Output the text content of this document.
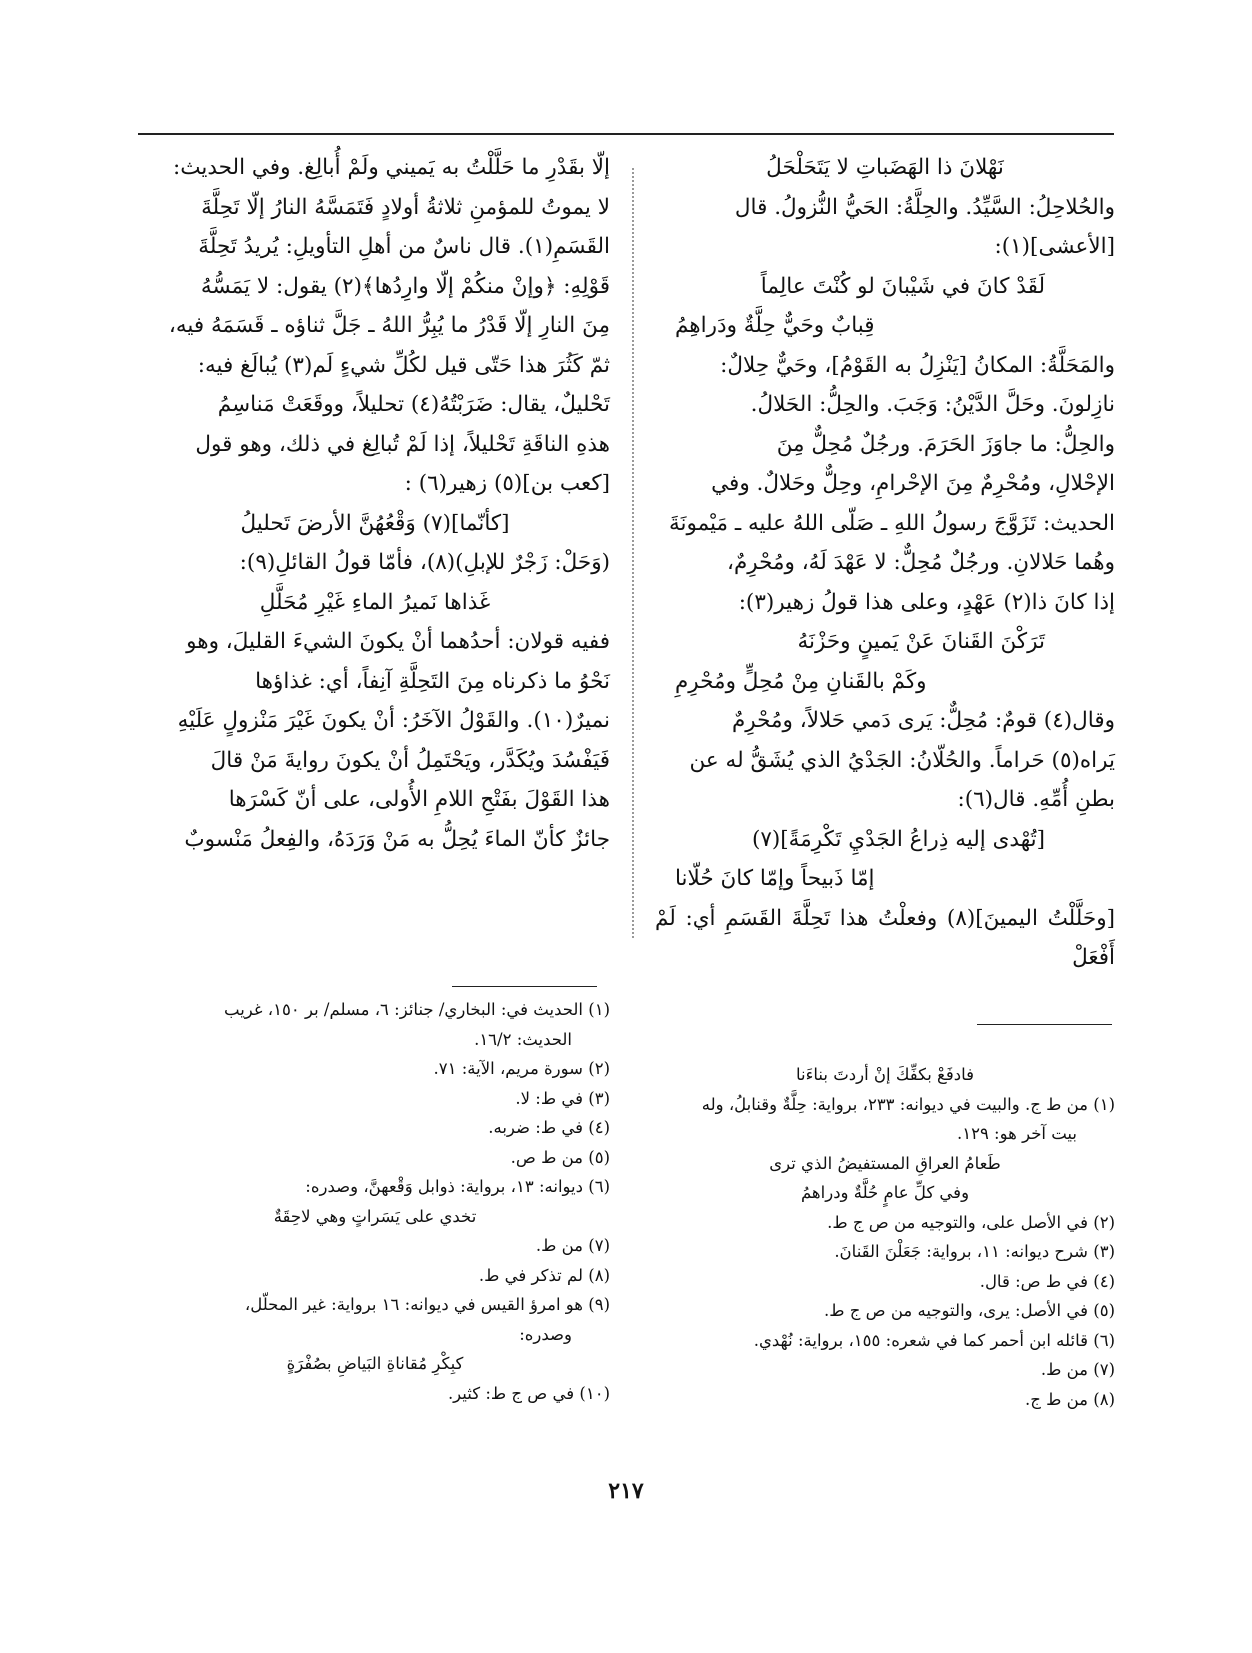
نَهْلانَ ذا الهَضَباتِ لا يَتَحَلْحَلُ

والحُلاحِلُ: السَّيِّدُ. والحِلَّةُ: الحَيُّ النُّزولُ. قال

[الأعشى](١):

لَقَدْ كانَ في شَيْبانَ لو كُنْتَ عالِماً

قِبابٌ وحَيٌّ حِلَّةٌ ودَراهِمُ

والمَحَلَّةُ: المكانُ [يَنْزِلُ به القَوْمُ]، وحَيٌّ حِلالٌ:

نازِلونَ. وحَلَّ الدَّيْنُ: وَجَبَ. والحِلُّ: الحَلالُ.

والحِلُّ: ما جاوَزَ الحَرَمَ. ورجُلٌ مُحِلٌّ مِنَ

الإحْلالِ، ومُحْرِمٌ مِنَ الإحْرامِ، وحِلٌّ وحَلالٌ. وفي

الحديث: تَزَوَّجَ رسولُ اللهِ ـ صَلّى اللهُ عليه ـ مَيْمونَةَ

وهُما حَلالانِ. ورجُلٌ مُحِلٌّ: لا عَهْدَ لَهُ، ومُحْرِمٌ،

إذا كانَ ذا(٢) عَهْدٍ، وعلى هذا قولُ زهير(٣):

تَرَكْنَ القَنانَ عَنْ يَمينٍ وحَزْنَهُ

وكَمْ بالقَنانِ مِنْ مُحِلٍّ ومُحْرِمِ

وقال(٤) قومٌ: مُحِلٌّ: يَرى دَمي حَلالاً، ومُحْرِمٌ

يَراه(٥) حَراماً. والحُلّانُ: الجَدْيُ الذي يُشَقُّ له عن

بطنِ أُمِّهِ. قال(٦):

[تُهْدى إليه ذِراعُ الجَدْيِ تَكْرِمَةً](٧)

إمّا ذَبيحاً وإمّا كانَ حُلّانا

[وحَلَّلْتُ اليمينَ](٨) وفعلْتُ هذا تَحِلَّةَ القَسَمِ أي: لَمْ أَفْعَلْ

إلّا بقَدْرِ ما حَلَّلْتُ به يَميني ولَمْ أُبالِغ. وفي الحديث:

لا يموتُ للمؤمنِ ثلاثةُ أولادٍ فَتَمَسَّهُ النارُ إلّا تَحِلَّةَ

القَسَمِ(١). قال ناسٌ من أهلِ التأويلِ: يُريدُ تَحِلَّةَ

قَوْلِهِ: ﴿وإنْ منكُمْ إلّا وارِدُها﴾(٢) يقول: لا يَمَسُّهُ

مِنَ النارِ إلّا قَدْرُ ما يُبِرُّ اللهُ ـ جَلَّ ثناؤه ـ قَسَمَهُ فيه،

ثمّ كَثُرَ هذا حَتّى قيل لكُلِّ شيءٍ لَم(٣) يُبالَغ فيه:

تَحْليلٌ، يقال: ضَرَبْتُهُ(٤) تحليلاً، ووقَعَتْ مَناسِمُ

هذهِ الناقَةِ تَحْليلاً، إذا لَمْ تُبالِغ في ذلك، وهو قول

[كعب بن](٥) زهير(٦) :

[كأنّما](٧) وَقْعُهُنَّ الأرضَ تَحليلُ

(وَحَلْ: زَجْرٌ للإبلِ)(٨)، فأمّا قولُ القائلِ(٩):

غَذاها نَميرُ الماءِ غَيْرِ مُحَلَّلِ

ففيه قولان: أحدُهما أنْ يكونَ الشيءَ القليلَ، وهو

نَحْوُ ما ذكرناه مِنَ التَحِلَّةِ آنِفاً، أي: غذاؤها

نميرٌ(١٠). والقَوْلُ الآخَرُ: أنْ يكونَ غَيْرَ مَنْزولٍ عَلَيْهِ

فَيَفْسُدَ ويُكَدَّر، ويَحْتَمِلُ أنْ يكونَ روايةَ مَنْ قالَ

هذا القَوْلَ بفَتْحِ اللامِ الأُولى، على أنّ كَسْرَها

جائزٌ كأنّ الماءَ يُحِلُّ به مَنْ وَرَدَهُ، والفِعلُ مَنْسوبٌ

فادفَعْ بكفِّكَ إنْ أردتَ بناءَنا

(١) من ط ج. والبيت في ديوانه: ٢٣٣، برواية: حِلَّةٌ وقنابلُ، وله

بيت آخر هو: ١٢٩.

طَعامُ العراقِ المستفيضُ الذي ترى

وفي كلِّ عامٍ حُلَّةٌ ودراهمُ

(٢) في الأصل على، والتوجيه من ص ج ط.

(٣) شرح ديوانه: ١١، برواية: جَعَلْنَ القَنانَ.

(٤) في ط ص: قال.

(٥) في الأصل: يرى، والتوجيه من ص ج ط.

(٦) قائله ابن أحمر كما في شعره: ١٥٥، برواية: نُهْدي.

(٧) من ط.

(٨) من ط ج.

(١) الحديث في: البخاري/ جنائز: ٦، مسلم/ بر ١٥٠، غريب

الحديث: ١٦/٢.

(٢) سورة مريم، الآية: ٧١.

(٣) في ط: لا.

(٤) في ط: ضربه.

(٥) من ط ص.

(٦) ديوانه: ١٣، برواية: ذوابل وَقْعهنَّ، وصدره:

تخدي على يَسَراتٍ وهي لاحِقَةٌ

(٧) من ط.

(٨) لم تذكر في ط.

(٩) هو امرؤ القيس في ديوانه: ١٦ برواية: غير المحلّل،

وصدره:

كبِكْرِ مُقاناةِ البَياضِ بصُفْرَةٍ

(١٠) في ص ج ط: كثير.

٢١٧
